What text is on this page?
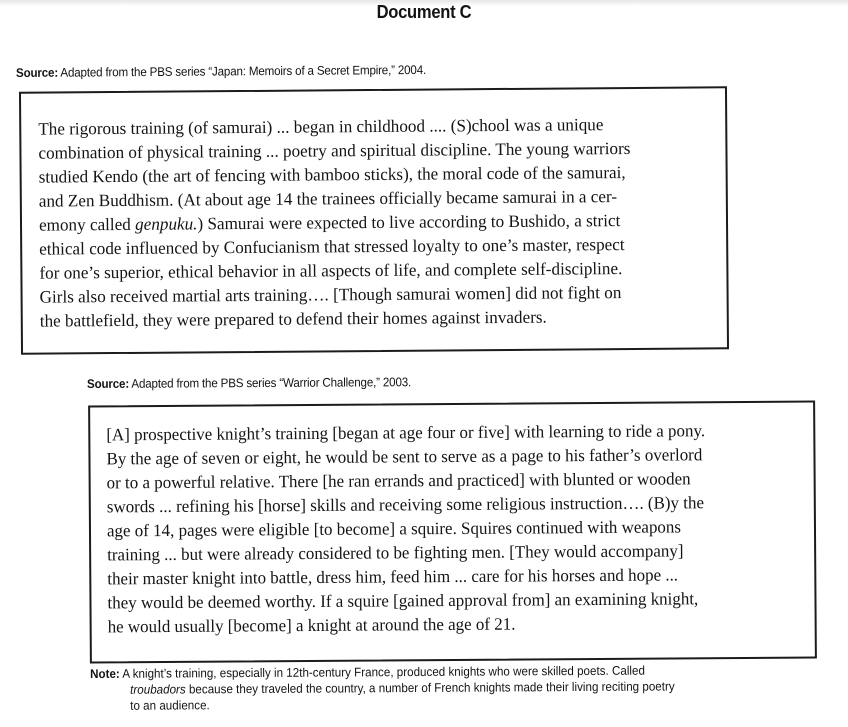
Document C
Source: Adapted from the PBS series “Japan: Memoirs of a Secret Empire,” 2004.
The rigorous training (of samurai) ... began in childhood .... (S)chool was a unique
combination of physical training ... poetry and spiritual discipline. The young warriors
studied Kendo (the art of fencing with bamboo sticks), the moral code of the samurai,
and Zen Buddhism. (At about age 14 the trainees officially became samurai in a cer-
emony called genpuku.) Samurai were expected to live according to Bushido, a strict
ethical code influenced by Confucianism that stressed loyalty to one’s master, respect
for one’s superior, ethical behavior in all aspects of life, and complete self-discipline.
Girls also received martial arts training…. [Though samurai women] did not fight on
the battlefield, they were prepared to defend their homes against invaders.
Source: Adapted from the PBS series “Warrior Challenge,” 2003.
[A] prospective knight’s training [began at age four or five] with learning to ride a pony.
By the age of seven or eight, he would be sent to serve as a page to his father’s overlord
or to a powerful relative. There [he ran errands and practiced] with blunted or wooden
swords ... refining his [horse] skills and receiving some religious instruction…. (B)y the
age of 14, pages were eligible [to become] a squire. Squires continued with weapons
training ... but were already considered to be fighting men. [They would accompany]
their master knight into battle, dress him, feed him ... care for his horses and hope ...
they would be deemed worthy. If a squire [gained approval from] an examining knight,
he would usually [become] a knight at around the age of 21.
Note: A knight’s training, especially in 12th-century France, produced knights who were skilled poets. Called
troubadors because they traveled the country, a number of French knights made their living reciting poetry
to an audience.
